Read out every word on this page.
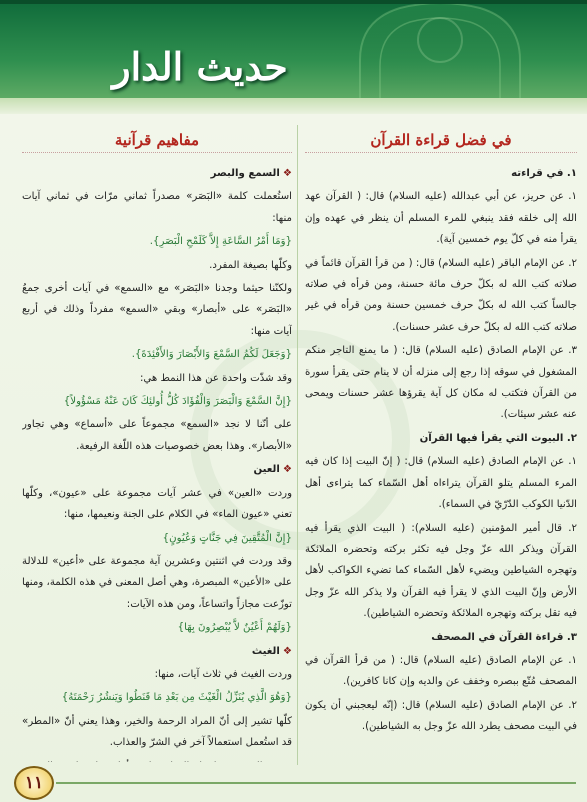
حديث الدار
في فضل قراءة القرآن
١. في قراءته
١. عن حريز، عن أبي عبدالله (عليه السلام) قال: ( القرآن عهد الله إلى خلقه فقد ينبغي للمرء المسلم أن ينظر في عهده وإن يقرأ منه في كلّ يوم خمسين آية).
٢. عن الإمام الباقر (عليه السلام) قال: ( من قرأ القرآن قائماً في صلاته كتب الله له بكلّ حرف مائة حسنة، ومن قرأه في صلاته جالساً كتب الله له بكلّ حرف خمسين حسنة ومن قرأه في غير صلاته كتب الله له بكلّ حرف عشر حسنات).
٣. عن الإمام الصادق (عليه السلام) قال: ( ما يمنع التاجر منكم المشغول في سوقه إذا رجع إلى منزله أن لا ينام حتى يقرأ سورة من القرآن فتكتب له مكان كل آية يقرؤها عشر حسنات ويمحى عنه عشر سيئات).
٢. البيوت التي يقرأ فيها القرآن
١. عن الإمام الصادق (عليه السلام) قال: ( إنّ البيت إذا كان فيه المرء المسلم يتلو القرآن يتراءاه أهل السّماء كما يتراءى أهل الدّنيا الكوكب الدّرّيّ في السماء).
٢. قال أمير المؤمنين (عليه السلام): ( البيت الذي يقرأ فيه القرآن ويذكر الله عزّ وجل فيه تكثر بركته وتحضره الملائكة وتهجره الشياطين ويضيء لأهل السّماء كما تضيء الكواكب لأهل الأرض وإنّ البيت الذي لا يقرأ فيه القرآن ولا يذكر الله عزّ وجل فيه تقل بركته وتهجره الملائكة وتحضره الشياطين).
٣. قراءة القرآن في المصحف
١. عن الإمام الصادق (عليه السلام) قال: ( من قرأ القرآن في المصحف مُتّع ببصره وخفف عن والديه وإن كانا كافرين).
٢. عن الإمام الصادق (عليه السلام) قال: (إنّه ليعجبني أن يكون في البيت مصحف يطرد الله عزّ وجل به الشياطين).
مفاهيم قرآنية
❖السمع والبصر
استُعملت كلمة «البَصَر» مصدراً ثماني مرّات في ثماني آيات منها:
{وَمَا أَمْرُ السَّاعَةِ إِلاَّ كَلَمْحِ الْبَصَرِ}.
وكلّها بصيغة المفرد.
ولكنّنا حيثما وجدنا «البَصَر» مع «السمع» في آيات أخرى جمعُ «البَصَر» على «أبصار» وبقي «السمع» مفرداً وذلك في أربع آيات منها:
{وَجَعَلَ لَكُمُ السَّمْعَ وَالأَبْصَارَ وَالأَفْئِدَةَ}.
وقد شذّت واحدة عن هذا النمط هي:
{إِنَّ السَّمْعَ وَالْبَصَرَ وَالْفُؤَادَ كُلُّ أُولئِكَ كَانَ عَنْهُ مَسْؤُولاً}
على أنّنا لا نجد «السمع» مجموعاً على «أسماع» وهي تجاور «الأبصار». وهذا بعض خصوصيات هذه اللّغة الرفيعة.
❖العين
وردت «العين» في عشر آيات مجموعة على «عيون»، وكلّها تعني «عيون الماء» في الكلام على الجنة ونعيمها، منها:
{إِنَّ الْمُتَّقِينَ فِي جَنَّاتٍ وَعُيُونٍ}
وقد وردت في اثنتين وعشرين آية مجموعة على «أعين» للدلالة على «الأعين» المبصرة، وهي أصل المعنى في هذه الكلمة، ومنها توزّعت مجازاً واتساعاً، ومن هذه الآيات:
{وَلَهُمْ أَعْيُنٌ لاَّ يُبْصِرُونَ بِهَا}
❖الغيث
وردت الغيث في ثلاث آيات، منها:
{وَهُوَ الَّذِي يُنَزِّلُ الْغَيْثَ مِن بَعْدِ مَا قَنَطُوا وَيَنشُرُ رَحْمَتَهُ}
كلّها تشير إلى أنّ المراد الرحمة والخير، وهذا يعني أنّ «المطر» قد استُعمل استعمالاً آخر في الشرّ والعذاب.
١١
